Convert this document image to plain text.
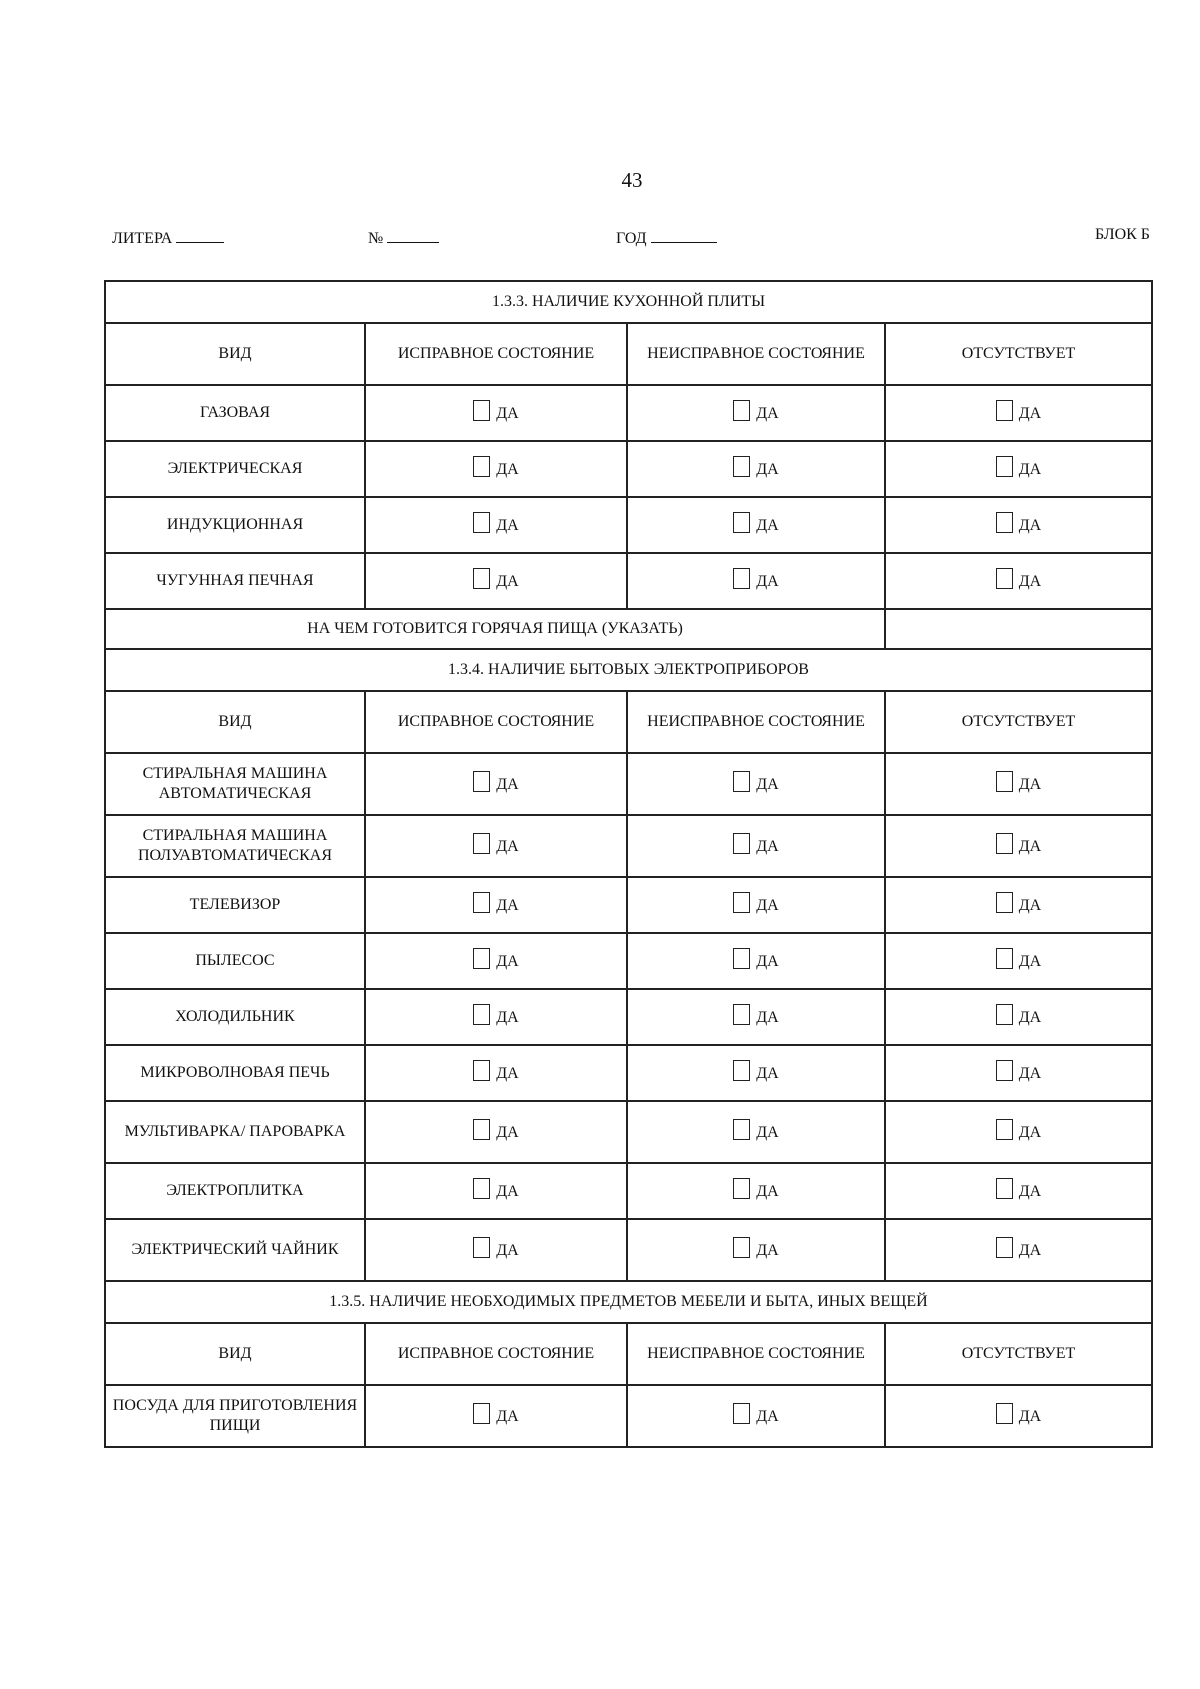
43
ЛИТЕРА	№	ГОД	БЛОК Б
1.3.3. НАЛИЧИЕ КУХОННОЙ ПЛИТЫ			
ВИД	ИСПРАВНОЕ СОСТОЯНИЕ	НЕИСПРАВНОЕ СОСТОЯНИЕ	ОТСУТСТВУЕТ
ГАЗОВАЯ	ДА	ДА	ДА

ЭЛЕКТРИЧЕСКАЯ	ДА	ДА	ДА

ИНДУКЦИОННАЯ	ДА	ДА	ДА

ЧУГУННАЯ ПЕЧНАЯ	ДА	ДА	ДА

НА ЧЕМ ГОТОВИТСЯ ГОРЯЧАЯ ПИЩА (УКАЗАТЬ)			
1.3.4. НАЛИЧИЕ БЫТОВЫХ ЭЛЕКТРОПРИБОРОВ			
ВИД	ИСПРАВНОЕ СОСТОЯНИЕ	НЕИСПРАВНОЕ СОСТОЯНИЕ	ОТСУТСТВУЕТ
СТИРАЛЬНАЯ МАШИНА АВТОМАТИЧЕСКАЯ	ДА	ДА	ДА

СТИРАЛЬНАЯ МАШИНА ПОЛУАВТОМАТИЧЕСКАЯ	ДА	ДА	ДА

ТЕЛЕВИЗОР	ДА	ДА	ДА

ПЫЛЕСОС	ДА	ДА	ДА

ХОЛОДИЛЬНИК	ДА	ДА	ДА

МИКРОВОЛНОВАЯ ПЕЧЬ	ДА	ДА	ДА

МУЛЬТИВАРКА/ ПАРОВАРКА	ДА	ДА	ДА

ЭЛЕКТРОПЛИТКА	ДА	ДА	ДА

ЭЛЕКТРИЧЕСКИЙ ЧАЙНИК	ДА	ДА	ДА

1.3.5. НАЛИЧИЕ НЕОБХОДИМЫХ ПРЕДМЕТОВ МЕБЕЛИ И БЫТА, ИНЫХ ВЕЩЕЙ			
ВИД	ИСПРАВНОЕ СОСТОЯНИЕ	НЕИСПРАВНОЕ СОСТОЯНИЕ	ОТСУТСТВУЕТ
ПОСУДА ДЛЯ ПРИГОТОВЛЕНИЯ ПИЩИ	ДА	ДА	ДА
